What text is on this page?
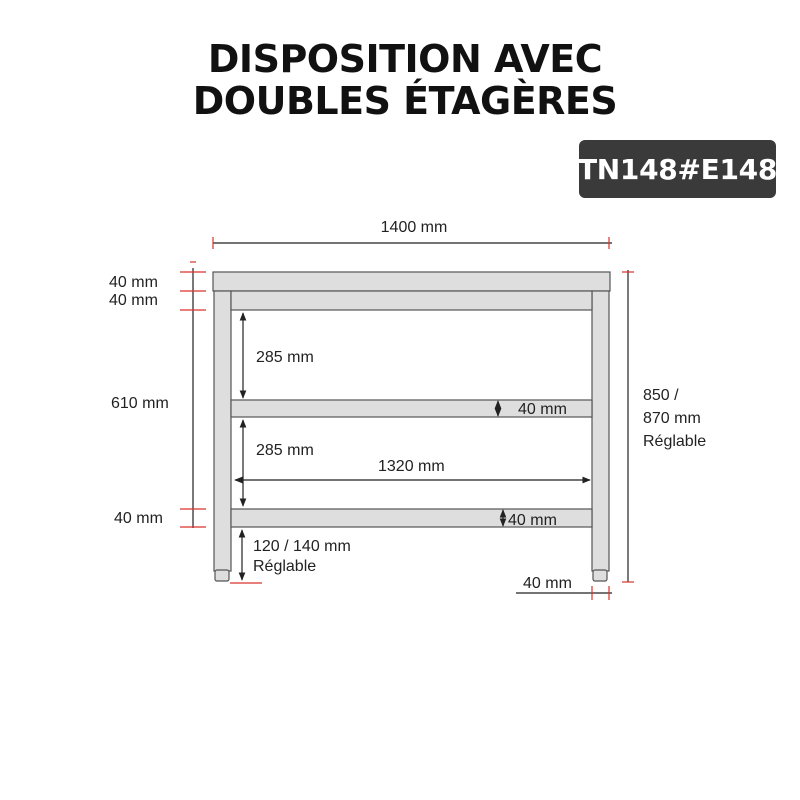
DISPOSITION AVEC
DOUBLES ÉTAGÈRES
TN148#E148
1400 mm
40 mm
40 mm
610 mm
285 mm
40 mm
285 mm
1320 mm
40 mm	40 mm
120 / 140 mm
Réglable
850 /
870 mm
Réglable
40 mm
